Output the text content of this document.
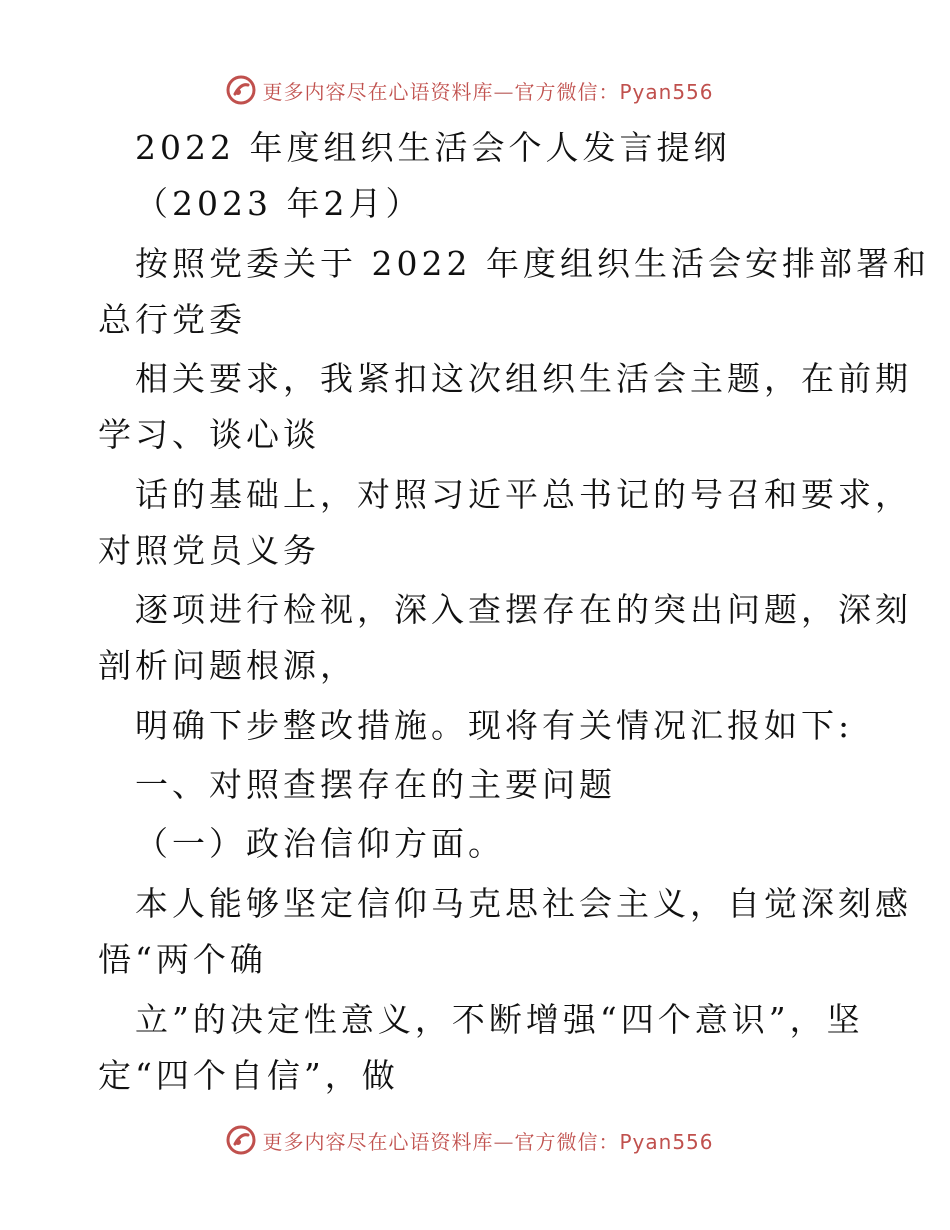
更多内容尽在心语资料库—官方微信：Pyan556
2022 年度组织生活会个人发言提纲
（2023 年2月）
按照党委关于 2022 年度组织生活会安排部署和
总行党委
相关要求，我紧扣这次组织生活会主题，在前期
学习、谈心谈
话的基础上，对照习近平总书记的号召和要求，
对照党员义务
逐项进行检视，深入查摆存在的突出问题，深刻
剖析问题根源，
明确下步整改措施。现将有关情况汇报如下:
一、对照查摆存在的主要问题
（一）政治信仰方面。
本人能够坚定信仰马克思社会主义，自觉深刻感
悟“两个确
立”的决定性意义，不断增强“四个意识”，坚
定“四个自信”，做
更多内容尽在心语资料库—官方微信：Pyan556
